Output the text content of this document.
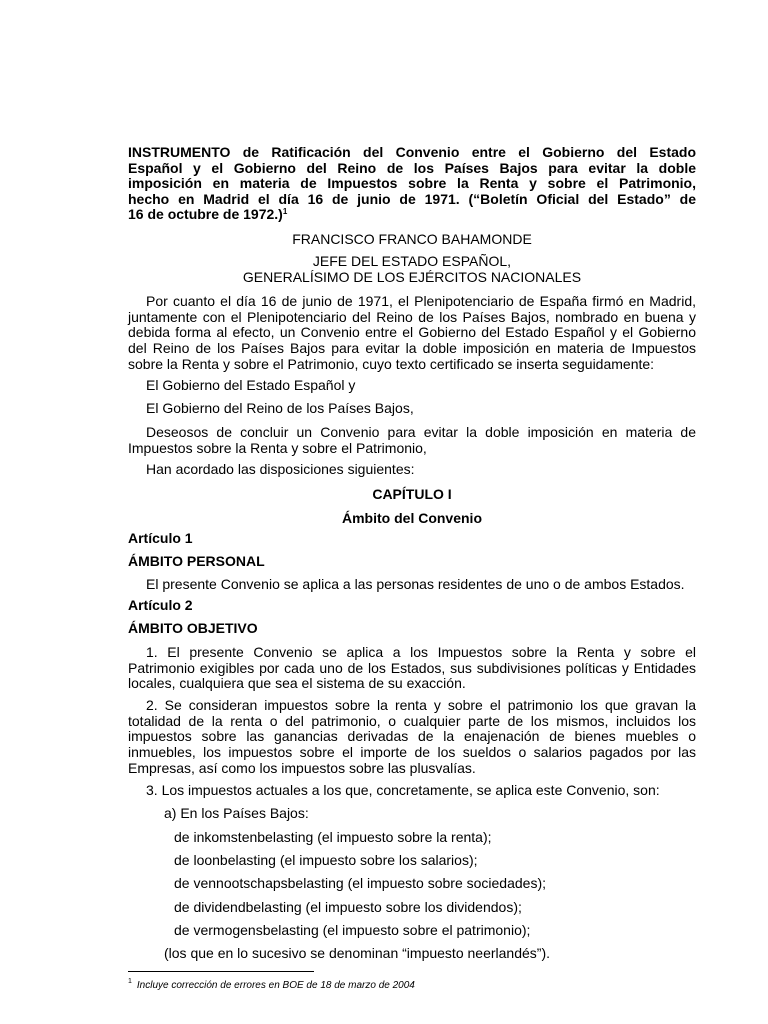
INSTRUMENTO de Ratificación del Convenio entre el Gobierno del Estado
Español y el Gobierno del Reino de los Países Bajos para evitar la doble
imposición en materia de Impuestos sobre la Renta y sobre el Patrimonio,
hecho en Madrid el día 16 de junio de 1971. (“Boletín Oficial del Estado” de
16 de octubre de 1972.)$^1$

FRANCISCO FRANCO BAHAMONDE

JEFE DEL ESTADO ESPAÑOL,

GENERALÍSIMO DE LOS EJÉRCITOS NACIONALES

Por cuanto el día 16 de junio de 1971, el Plenipotenciario de España firmó en Madrid,
juntamente con el Plenipotenciario del Reino de los Países Bajos, nombrado en buena y
debida forma al efecto, un Convenio entre el Gobierno del Estado Español y el Gobierno
del Reino de los Países Bajos para evitar la doble imposición en materia de Impuestos
sobre la Renta y sobre el Patrimonio, cuyo texto certificado se inserta seguidamente:

El Gobierno del Estado Español y

El Gobierno del Reino de los Países Bajos,

Deseosos de concluir un Convenio para evitar la doble imposición en materia de
Impuestos sobre la Renta y sobre el Patrimonio,

Han acordado las disposiciones siguientes:

CAPÍTULO I

Ámbito del Convenio

Artículo 1

ÁMBITO PERSONAL

El presente Convenio se aplica a las personas residentes de uno o de ambos Estados.

Artículo 2

ÁMBITO OBJETIVO

1. El presente Convenio se aplica a los Impuestos sobre la Renta y sobre el
Patrimonio exigibles por cada uno de los Estados, sus subdivisiones políticas y Entidades
locales, cualquiera que sea el sistema de su exacción.
2. Se consideran impuestos sobre la renta y sobre el patrimonio los que gravan la
totalidad de la renta o del patrimonio, o cualquier parte de los mismos, incluidos los
impuestos sobre las ganancias derivadas de la enajenación de bienes muebles o
inmuebles, los impuestos sobre el importe de los sueldos o salarios pagados por las
Empresas, así como los impuestos sobre las plusvalías.

3. Los impuestos actuales a los que, concretamente, se aplica este Convenio, son:

a) En los Países Bajos:

de inkomstenbelasting (el impuesto sobre la renta);

de loonbelasting (el impuesto sobre los salarios);

de vennootschapsbelasting (el impuesto sobre sociedades);

de dividendbelasting (el impuesto sobre los dividendos);

de vermogensbelasting (el impuesto sobre el patrimonio);

(los que en lo sucesivo se denominan “impuesto neerlandés”).

$^1$ Incluye corrección de errores en BOE de 18 de marzo de 2004
